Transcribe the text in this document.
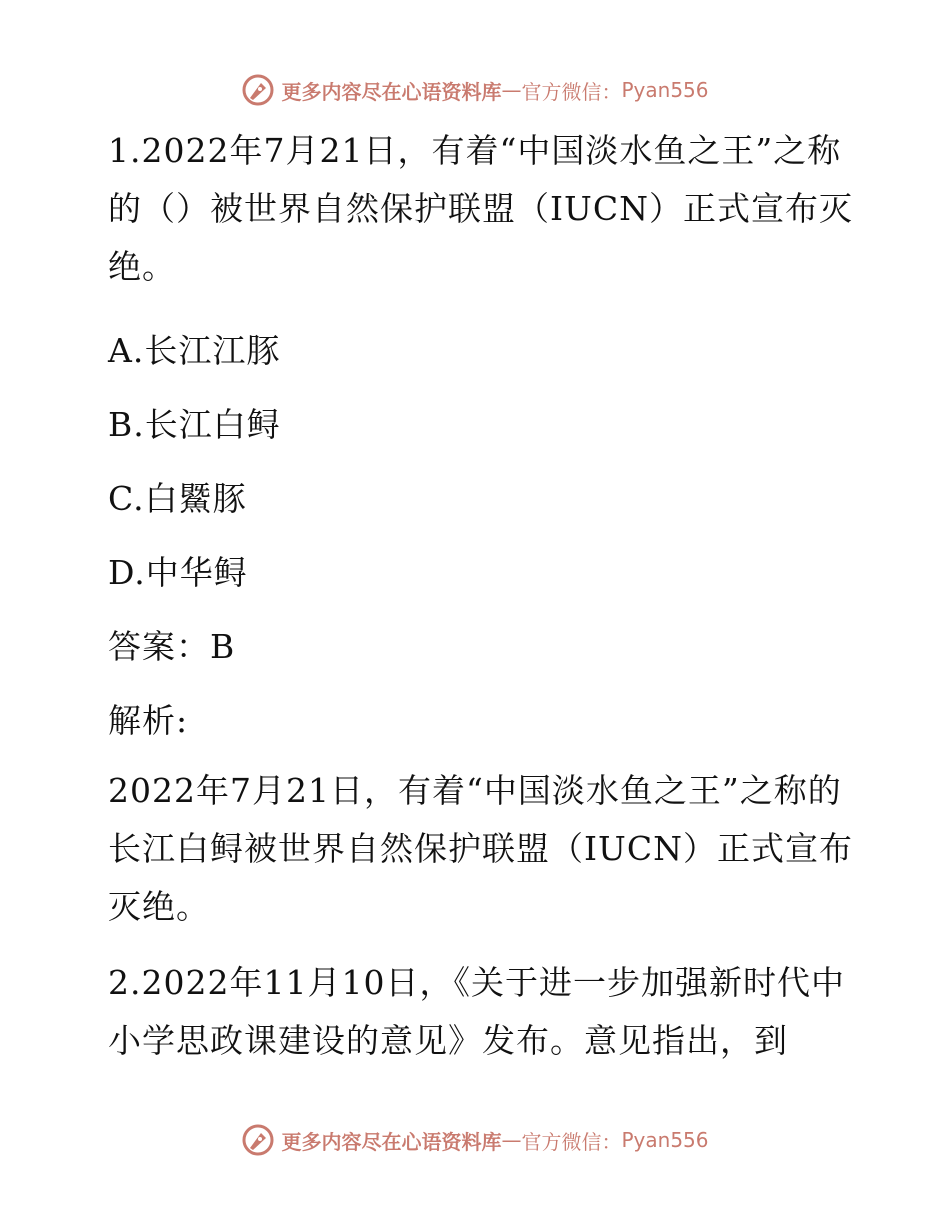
更多内容尽在心语资料库 — 官方微信： Pyan556

1.2022年7月21日，有着“中国淡水鱼之王”之称的（）被世界自然保护联盟（IUCN）正式宣布灭绝。

A.长江江豚

B.长江白鲟

C.白鱀豚

D.中华鲟

答案：B

解析:

2022年7月21日，有着“中国淡水鱼之王”之称的长江白鲟被世界自然保护联盟（IUCN）正式宣布灭绝。

2.2022年11月10日，《关于进一步加强新时代中小学思政课建设的意见》发布。意见指出，到

更多内容尽在心语资料库 — 官方微信： Pyan556
